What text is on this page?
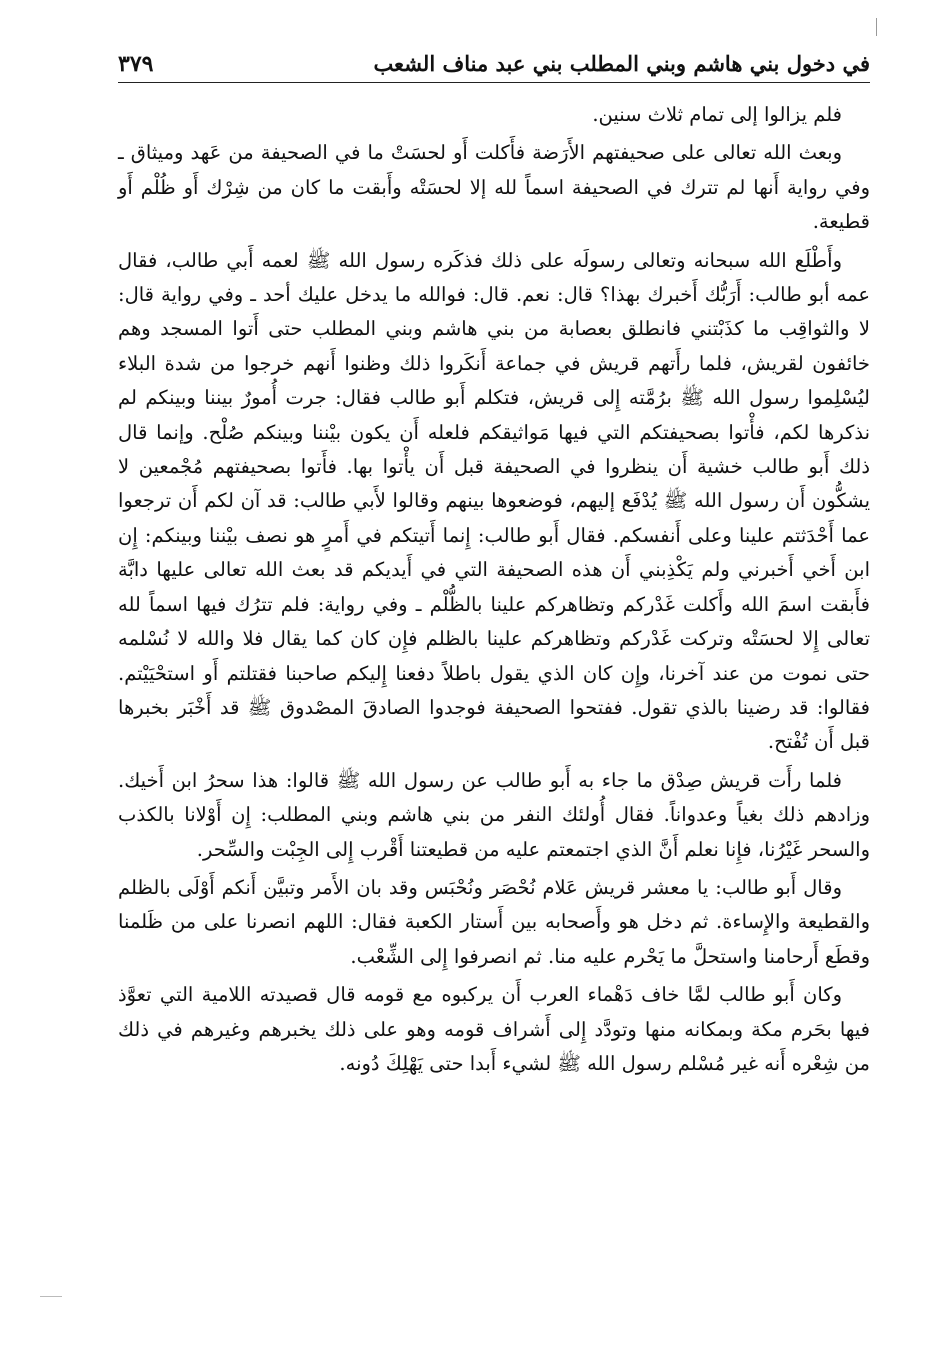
في دخول بني هاشم وبني المطلب بني عبد مناف الشعب
٣٧٩

فلم يزالوا إلى تمام ثلاث سنين.

وبعث الله تعالى على صحيفتهم الأَرَضة فأَكلت أَو لحسَتْ ما في الصحيفة من عَهد وميثاق ـ وفي رواية أَنها لم تترك في الصحيفة اسماً لله إلا لحسَتْه وأَبقت ما كان من شِرْك أَو ظُلْم أَو قطيعة.

وأَطْلَع الله سبحانه وتعالى رسولَه على ذلك فذكَره رسول الله ﷺ لعمه أَبي طالب، فقال عمه أبو طالب: أَرَبُّك أَخبرك بهذا؟ قال: نعم. قال: فوالله ما يدخل عليك أحد ـ وفي رواية قال: لا والثواقِب ما كذَبْتني فانطلق بعصابة من بني هاشم وبني المطلب حتى أَتوا المسجد وهم خائفون لقريش، فلما رأَتهم قريش في جماعة أَنكَروا ذلك وظنوا أَنهم خرجوا من شدة البلاء ليُسْلِموا رسول الله ﷺ برُمَّته إِلى قريش، فتكلم أَبو طالب فقال: جرت أُمورٌ بيننا وبينكم لم نذكرها لكم، فأْتوا بصحيفتكم التي فيها مَواثيقكم فلعله أَن يكون بيْننا وبينكم صُلْح. وإنما قال ذلك أَبو طالب خشية أَن ينظروا في الصحيفة قبل أَن يأْتوا بها. فأَتوا بصحيفتهم مُجْمعين لا يشكُّون أَن رسول الله ﷺ يُدْفَع إليهم، فوضعوها بينهم وقالوا لأَبي طالب: قد آن لكم أَن ترجعوا عما أَحْدَثتم علينا وعلى أَنفسكم. فقال أَبو طالب: إِنما أَتيتكم في أَمرٍ هو نصف بيْننا وبينكم: إِن ابن أَخي أَخبرني ولم يَكْذِبني أَن هذه الصحيفة التي في أَيديكم قد بعث الله تعالى عليها دابَّة فأَبقت اسمَ الله وأَكلت غَدْركم وتظاهركم علينا بالظُّلْم ـ وفي رواية: فلم تترُك فيها اسماً لله تعالى إِلا لحسَتْه وتركت غَدْركم وتظاهركم علينا بالظلم فإِن كان كما يقال فلا والله لا نُسْلمه حتى نموت من عند آخرنا، وإِن كان الذي يقول باطلاً دفعنا إِليكم صاحبنا فقتلتم أَو استحْيَيْتم. فقالوا: قد رضينا بالذي تقول. ففتحوا الصحيفة فوجدوا الصادقَ المصْدوق ﷺ قد أَخْبَر بخبرها قبل أَن تُفْتح.

فلما رأَت قريش صِدْق ما جاء به أَبو طالب عن رسول الله ﷺ قالوا: هذا سحرُ ابن أَخيك. وزادهم ذلك بغياً وعدواناً. فقال أُولئك النفر من بني هاشم وبني المطلب: إِن أَوْلانا بالكذب والسحر غَيْرُنا، فإِنا نعلم أَنَّ الذي اجتمعتم عليه من قطيعتنا أَقْرب إِلى الجِبْت والسِّحر.

وقال أَبو طالب: يا معشر قريش عَلام نُحْصَر ونُحْبَس وقد بان الأَمر وتبيَّن أَنكم أَوْلَى بالظلم والقطيعة والإِساءة. ثم دخل هو وأَصحابه بين أَستار الكعبة فقال: اللهم انصرنا على من ظَلمنا وقطَع أَرحامنا واستحلَّ ما يَحْرم عليه منا. ثم انصرفوا إِلى الشِّعْب.

وكان أَبو طالب لمَّا خاف دَهْماء العرب أَن يركبوه مع قومه قال قصيدته اللامية التي تعوَّذ فيها بحَرم مكة وبمكانه منها وتودَّد إِلى أَشراف قومه وهو على ذلك يخبرهم وغيرهم في ذلك من شِعْره أَنه غير مُسْلم رسول الله ﷺ لشيء أَبدا حتى يَهْلِكَ دُونه.
